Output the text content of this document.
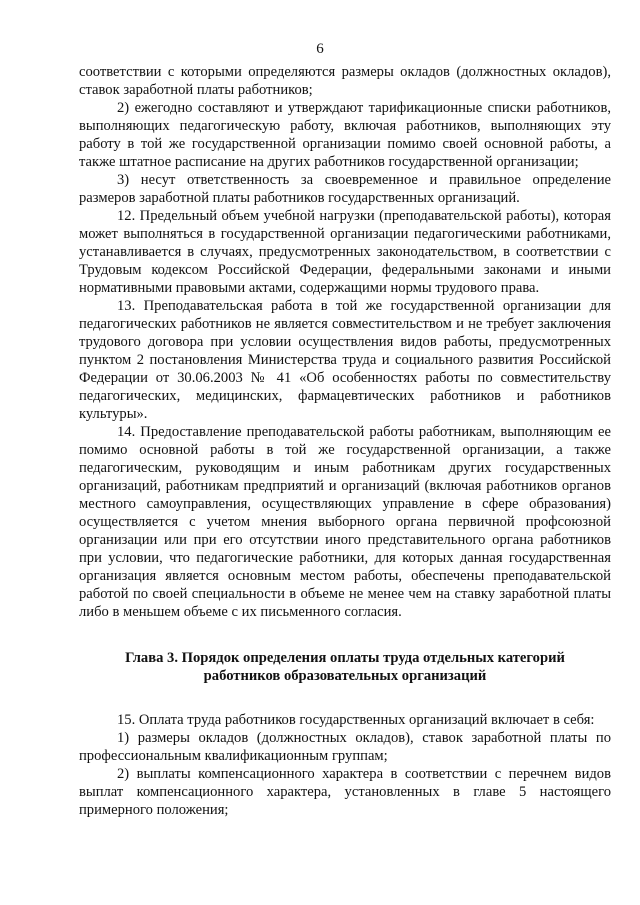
6

соответствии с которыми определяются размеры окладов (должностных окладов), ставок заработной платы работников;

2) ежегодно составляют и утверждают тарификационные списки работников, выполняющих педагогическую работу, включая работников, выполняющих эту работу в той же государственной организации помимо своей основной работы, а также штатное расписание на других работников государственной организации;

3) несут ответственность за своевременное и правильное определение размеров заработной платы работников государственных организаций.

12. Предельный объем учебной нагрузки (преподавательской работы), которая может выполняться в государственной организации педагогическими работниками, устанавливается в случаях, предусмотренных законодательством, в соответствии с Трудовым кодексом Российской Федерации, федеральными законами и иными нормативными правовыми актами, содержащими нормы трудового права.

13. Преподавательская работа в той же государственной организации для педагогических работников не является совместительством и не требует заключения трудового договора при условии осуществления видов работы, предусмотренных пунктом 2 постановления Министерства труда и социального развития Российской Федерации от 30.06.2003 № 41 «Об особенностях работы по совместительству педагогических, медицинских, фармацевтических работников и работников культуры».

14. Предоставление преподавательской работы работникам, выполняющим ее помимо основной работы в той же государственной организации, а также педагогическим, руководящим и иным работникам других государственных организаций, работникам предприятий и организаций (включая работников органов местного самоуправления, осуществляющих управление в сфере образования) осуществляется с учетом мнения выборного органа первичной профсоюзной организации или при его отсутствии иного представительного органа работников при условии, что педагогические работники, для которых данная государственная организация является основным местом работы, обеспечены преподавательской работой по своей специальности в объеме не менее чем на ставку заработной платы либо в меньшем объеме с их письменного согласия.

Глава 3. Порядок определения оплаты труда отдельных категорий
работников образовательных организаций

15. Оплата труда работников государственных организаций включает в себя:

1) размеры окладов (должностных окладов), ставок заработной платы по профессиональным квалификационным группам;

2) выплаты компенсационного характера в соответствии с перечнем видов выплат компенсационного характера, установленных в главе 5 настоящего примерного положения;
